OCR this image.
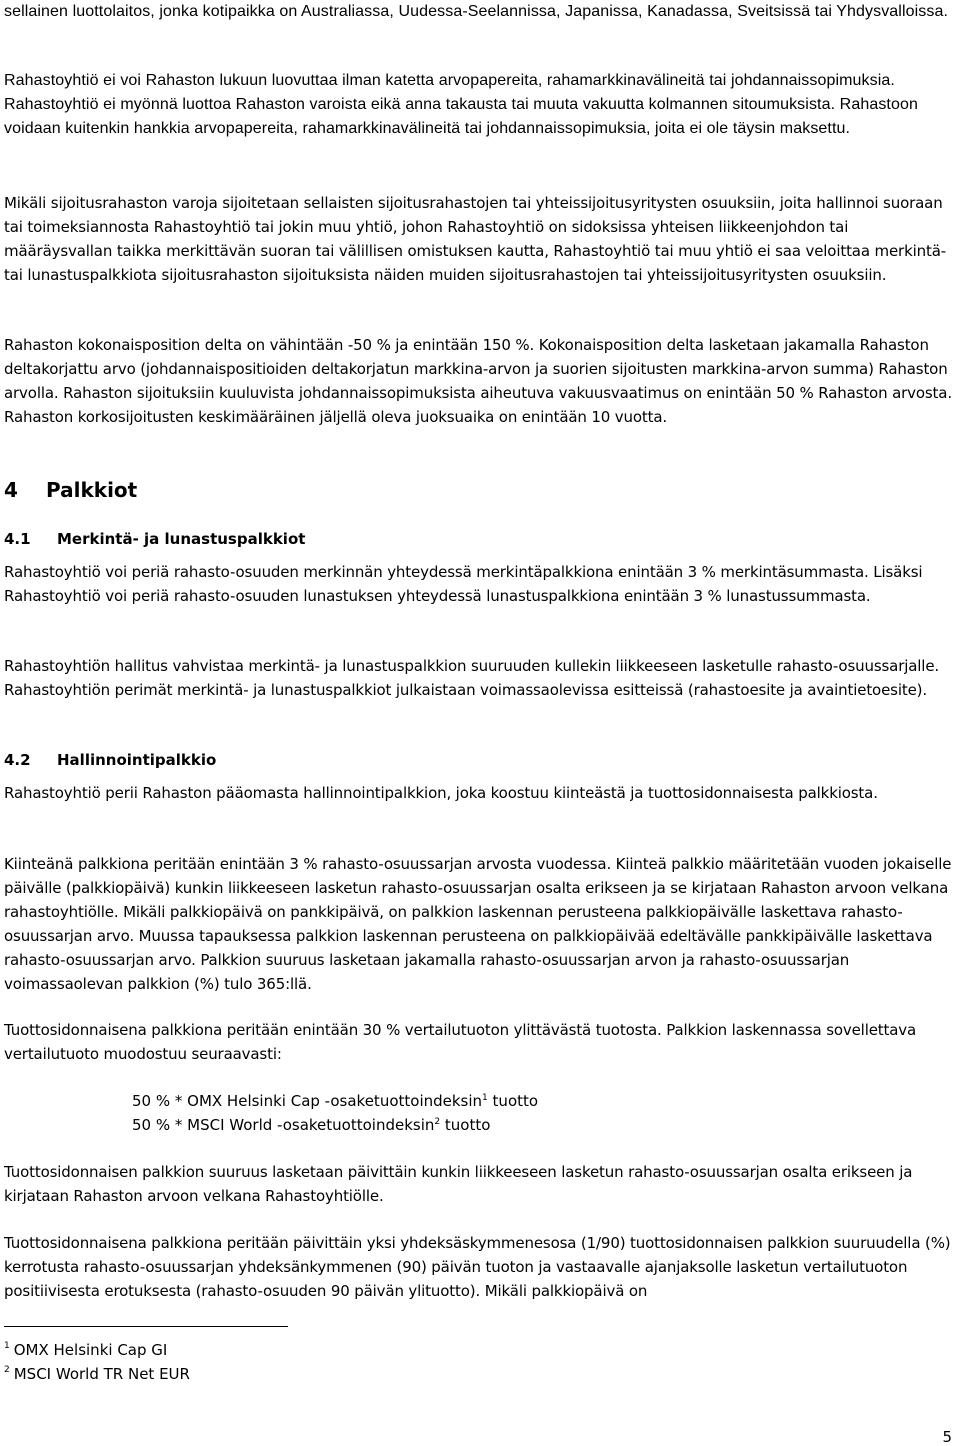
sellainen luottolaitos, jonka kotipaikka on Australiassa, Uudessa-Seelannissa, Japanissa, Kanadassa, Sveitsissä tai Yhdysvalloissa.

Rahastoyhtiö ei voi Rahaston lukuun luovuttaa ilman katetta arvopapereita, rahamarkkinavälineitä tai johdannaissopimuksia. Rahastoyhtiö ei myönnä luottoa Rahaston varoista eikä anna takausta tai muuta vakuutta kolmannen sitoumuksista. Rahastoon voidaan kuitenkin hankkia arvopapereita, rahamarkkinavälineitä tai johdannaissopimuksia, joita ei ole täysin maksettu.

Mikäli sijoitusrahaston varoja sijoitetaan sellaisten sijoitusrahastojen tai yhteissijoitusyritysten osuuksiin, joita hallinnoi suoraan tai toimeksiannosta Rahastoyhtiö tai jokin muu yhtiö, johon Rahastoyhtiö on sidoksissa yhteisen liikkeenjohdon tai määräysvallan taikka merkittävän suoran tai välillisen omistuksen kautta, Rahastoyhtiö tai muu yhtiö ei saa veloittaa merkintä- tai lunastuspalkkiota sijoitusrahaston sijoituksista näiden muiden sijoitusrahastojen tai yhteissijoitusyritysten osuuksiin.

Rahaston kokonaisposition delta on vähintään -50 % ja enintään 150 %. Kokonaisposition delta lasketaan jakamalla Rahaston deltakorjattu arvo (johdannaispositioiden deltakorjatun markkina-arvon ja suorien sijoitusten markkina-arvon summa) Rahaston arvolla. Rahaston sijoituksiin kuuluvista johdannaissopimuksista aiheutuva vakuusvaatimus on enintään 50 % Rahaston arvosta. Rahaston korkosijoitusten keskimääräinen jäljellä oleva juoksuaika on enintään 10 vuotta.

4 Palkkiot
4.1 Merkintä- ja lunastuspalkkiot

Rahastoyhtiö voi periä rahasto-osuuden merkinnän yhteydessä merkintäpalkkiona enintään 3 % merkintäsummasta. Lisäksi Rahastoyhtiö voi periä rahasto-osuuden lunastuksen yhteydessä lunastuspalkkiona enintään 3 % lunastussummasta.

Rahastoyhtiön hallitus vahvistaa merkintä- ja lunastuspalkkion suuruuden kullekin liikkeeseen lasketulle rahasto-osuussarjalle. Rahastoyhtiön perimät merkintä- ja lunastuspalkkiot julkaistaan voimassaolevissa esitteissä (rahastoesite ja avaintietoesite).

4.2 Hallinnointipalkkio

Rahastoyhtiö perii Rahaston pääomasta hallinnointipalkkion, joka koostuu kiinteästä ja tuottosidonnaisesta palkkiosta.

Kiinteänä palkkiona peritään enintään 3 % rahasto-osuussarjan arvosta vuodessa. Kiinteä palkkio määritetään vuoden jokaiselle päivälle (palkkiopäivä) kunkin liikkeeseen lasketun rahasto-osuussarjan osalta erikseen ja se kirjataan Rahaston arvoon velkana rahastoyhtiölle. Mikäli palkkiopäivä on pankkipäivä, on palkkion laskennan perusteena palkkiopäivälle laskettava rahasto-osuussarjan arvo. Muussa tapauksessa palkkion laskennan perusteena on palkkiopäivää edeltävälle pankkipäivälle laskettava rahasto-osuussarjan arvo. Palkkion suuruus lasketaan jakamalla rahasto-osuussarjan arvon ja rahasto-osuussarjan voimassaolevan palkkion (%) tulo 365:llä.

Tuottosidonnaisena palkkiona peritään enintään 30 % vertailutuoton ylittävästä tuotosta. Palkkion laskennassa sovellettava vertailutuoto muodostuu seuraavasti:

50 % * OMX Helsinki Cap -osaketuottoindeksin$^1$ tuotto
50 % * MSCI World -osaketuottoindeksin$^2$ tuotto

Tuottosidonnaisen palkkion suuruus lasketaan päivittäin kunkin liikkeeseen lasketun rahasto-osuussarjan osalta erikseen ja kirjataan Rahaston arvoon velkana Rahastoyhtiölle.

Tuottosidonnaisena palkkiona peritään päivittäin yksi yhdeksäskymmenesosa (1/90) tuottosidonnaisen palkkion suuruudella (%) kerrotusta rahasto-osuussarjan yhdeksänkymmenen (90) päivän tuoton ja vastaavalle ajanjaksolle lasketun vertailutuoton positiivisesta erotuksesta (rahasto-osuuden 90 päivän ylituotto). Mikäli palkkiopäivä on

$^1$ OMX Helsinki Cap GI
$^2$ MSCI World TR Net EUR
5
